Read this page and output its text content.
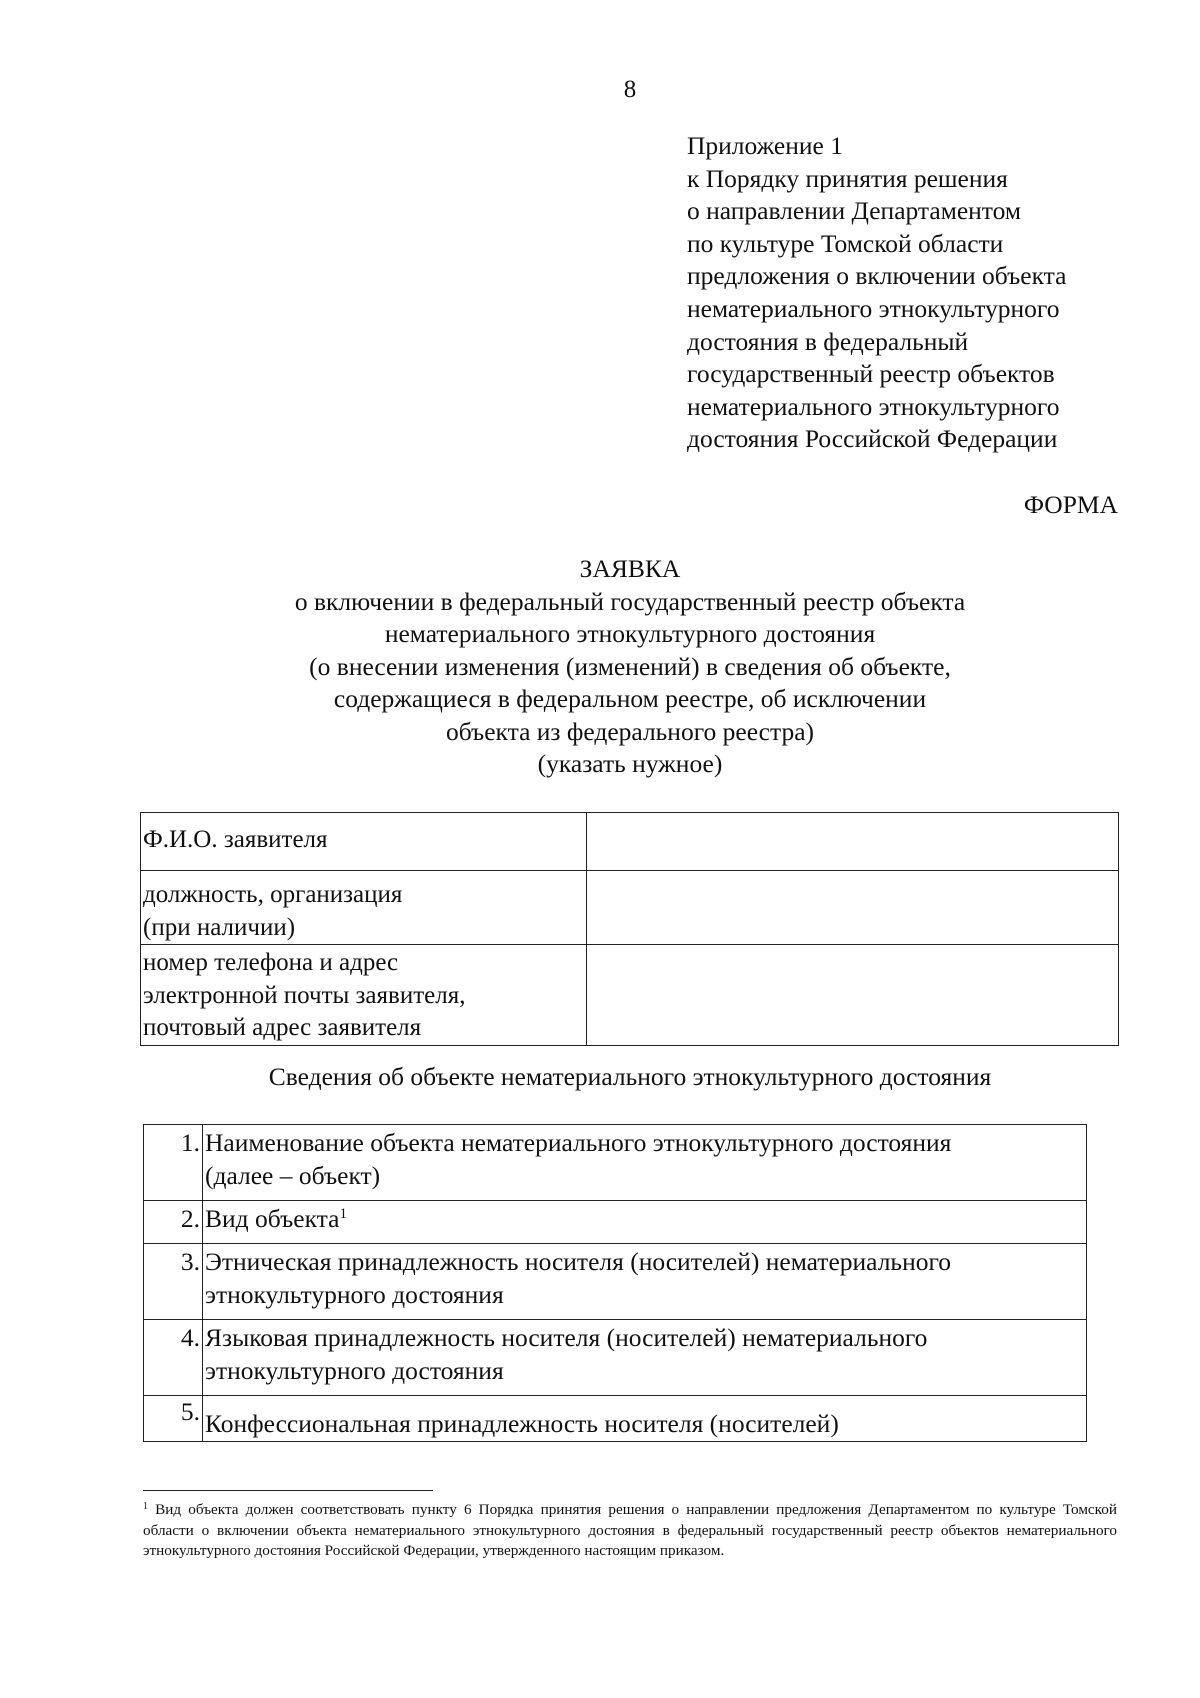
8
Приложение 1
к Порядку принятия решения
о направлении Департаментом
по культуре Томской области
предложения о включении объекта
нематериального этнокультурного
достояния в федеральный
государственный реестр объектов
нематериального этнокультурного
достояния Российской Федерации
ФОРМА
ЗАЯВКА
о включении в федеральный государственный реестр объекта
нематериального этнокультурного достояния
(о внесении изменения (изменений) в сведения об объекте,
содержащиеся в федеральном реестре, об исключении
объекта из федерального реестра)
(указать нужное)
Ф.И.О. заявителя	

должность, организация
(при наличии)	

номер телефона и адрес
электронной почты заявителя,
почтовый адрес заявителя	

Сведения об объекте нематериального этнокультурного достояния
1.	Наименование объекта нематериального этнокультурного достояния
(далее – объект)

2.	Вид объекта$^1$
3.	Этническая принадлежность носителя (носителей) нематериального
этнокультурного достояния

4.	Языковая принадлежность носителя (носителей) нематериального
этнокультурного достояния

5.	Конфессиональная принадлежность носителя (носителей)
$^1$ Вид объекта должен соответствовать пункту 6 Порядка принятия решения о направлении предложения Департаментом по культуре Томской области о включении объекта нематериального этнокультурного достояния в федеральный государственный реестр объектов нематериального этнокультурного достояния Российской Федерации, утвержденного настоящим приказом.
